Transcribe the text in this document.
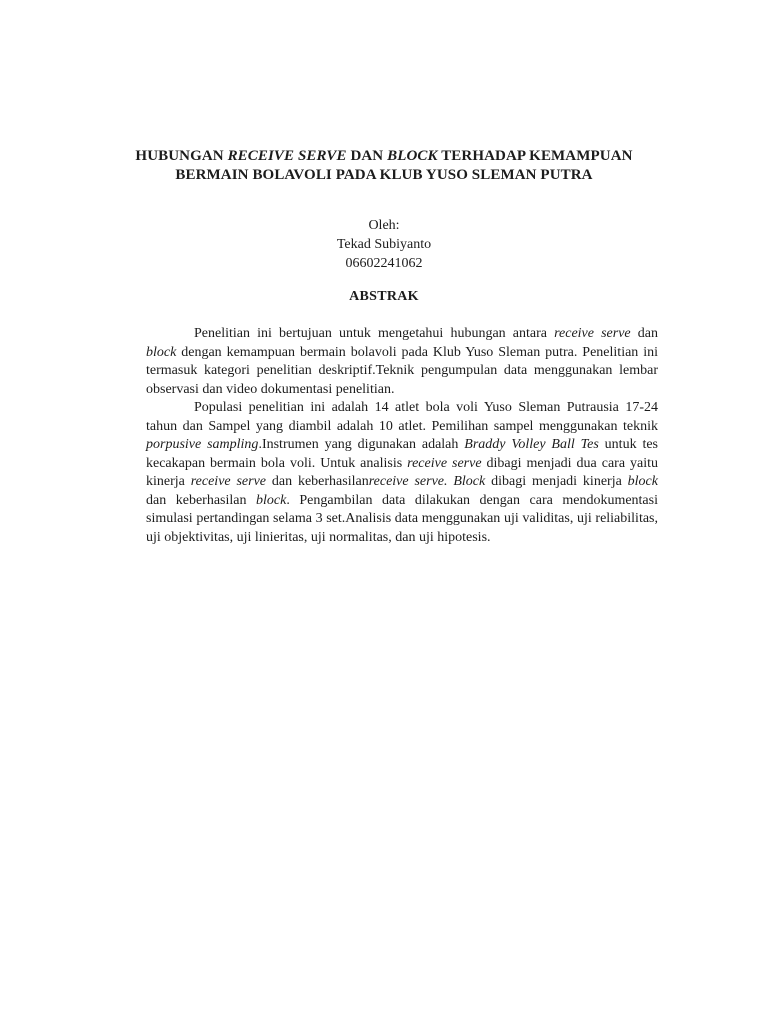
HUBUNGAN RECEIVE SERVE DAN BLOCK TERHADAP KEMAMPUAN
BERMAIN BOLAVOLI PADA KLUB YUSO SLEMAN PUTRA
Oleh:
Tekad Subiyanto
06602241062
ABSTRAK

Penelitian ini bertujuan untuk mengetahui hubungan antara receive serve dan block dengan kemampuan bermain bolavoli pada Klub Yuso Sleman putra. Penelitian ini termasuk kategori penelitian deskriptif.Teknik pengumpulan data menggunakan lembar observasi dan video dokumentasi penelitian.

Populasi penelitian ini adalah 14 atlet bola voli Yuso Sleman Putrausia 17-24 tahun dan Sampel yang diambil adalah 10 atlet. Pemilihan sampel menggunakan teknik porpusive sampling.Instrumen yang digunakan adalah Braddy Volley Ball Tes untuk tes kecakapan bermain bola voli. Untuk analisis receive serve dibagi menjadi dua cara yaitu kinerja receive serve dan keberhasilanreceive serve. Block dibagi menjadi kinerja block dan keberhasilan block. Pengambilan data dilakukan dengan cara mendokumentasi simulasi pertandingan selama 3 set.Analisis data menggunakan uji validitas, uji reliabilitas, uji objektivitas, uji linieritas, uji normalitas, dan uji hipotesis.
